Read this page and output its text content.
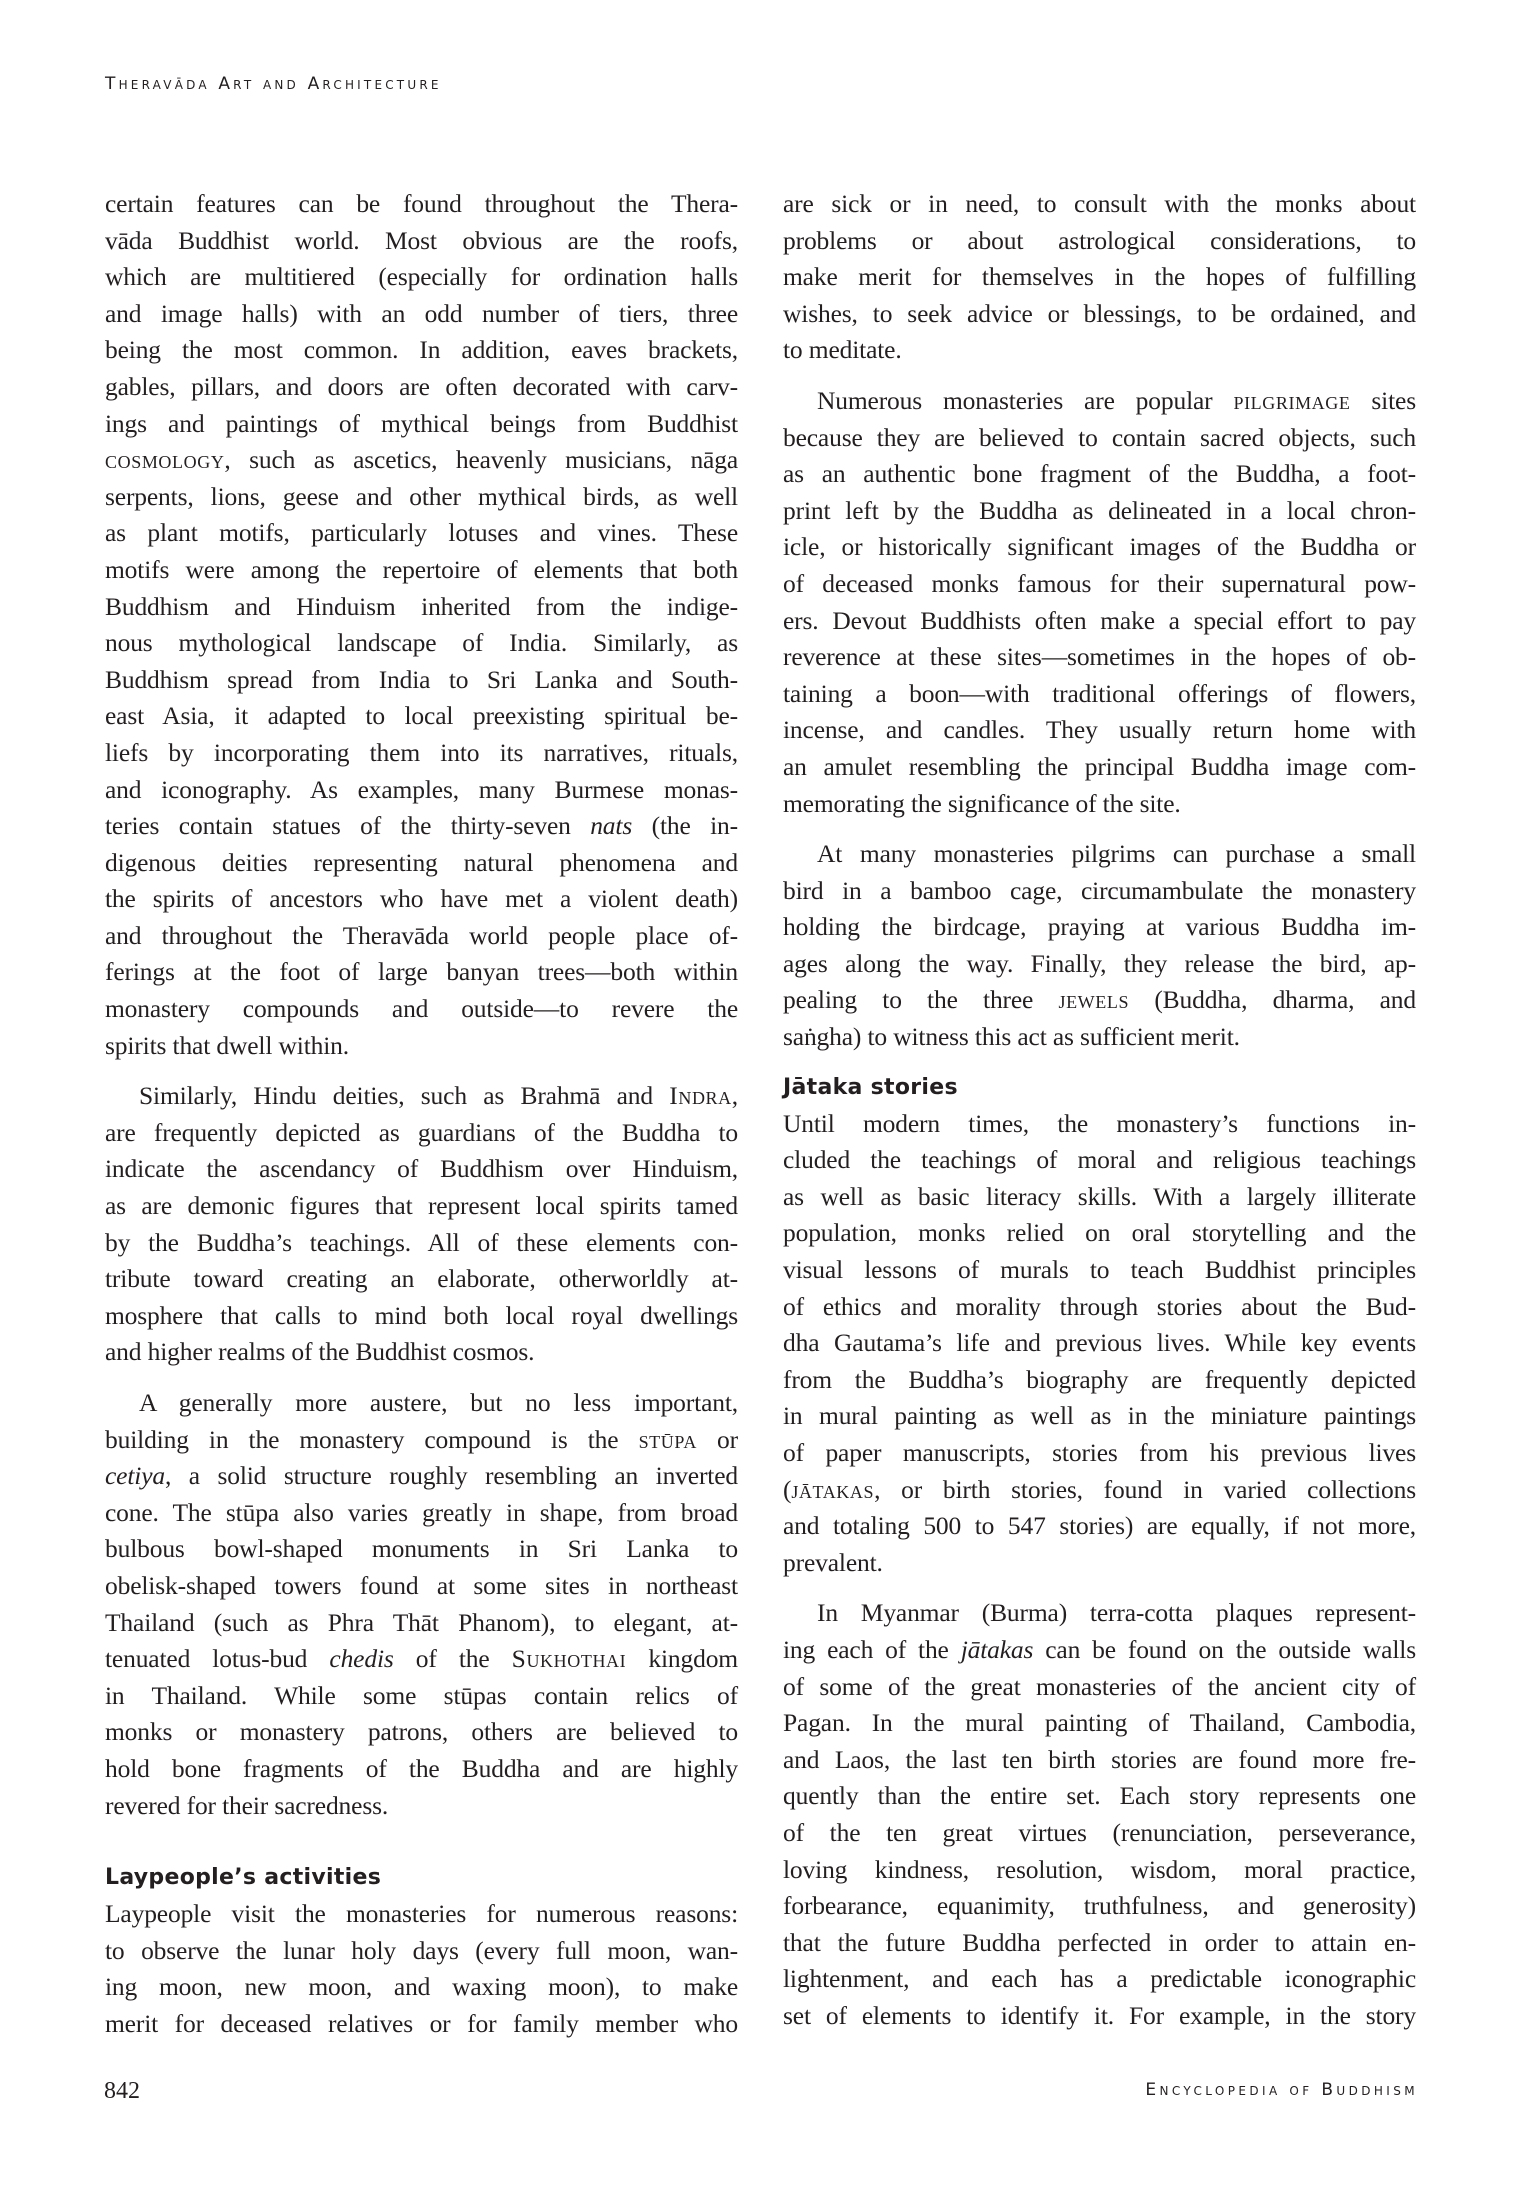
Theravāda Art and Architecture
certain features can be found throughout the Thera-
vāda Buddhist world. Most obvious are the roofs,
which are multitiered (especially for ordination halls
and image halls) with an odd number of tiers, three
being the most common. In addition, eaves brackets,
gables, pillars, and doors are often decorated with carv-
ings and paintings of mythical beings from Buddhist
cosmology, such as ascetics, heavenly musicians, nāga
serpents, lions, geese and other mythical birds, as well
as plant motifs, particularly lotuses and vines. These
motifs were among the repertoire of elements that both
Buddhism and Hinduism inherited from the indige-
nous mythological landscape of India. Similarly, as
Buddhism spread from India to Sri Lanka and South-
east Asia, it adapted to local preexisting spiritual be-
liefs by incorporating them into its narratives, rituals,
and iconography. As examples, many Burmese monas-
teries contain statues of the thirty-seven nats (the in-
digenous deities representing natural phenomena and
the spirits of ancestors who have met a violent death)
and throughout the Theravāda world people place of-
ferings at the foot of large banyan trees—both within
monastery compounds and outside—to revere the
spirits that dwell within.
Similarly, Hindu deities, such as Brahmā and Indra,
are frequently depicted as guardians of the Buddha to
indicate the ascendancy of Buddhism over Hinduism,
as are demonic figures that represent local spirits tamed
by the Buddha’s teachings. All of these elements con-
tribute toward creating an elaborate, otherworldly at-
mosphere that calls to mind both local royal dwellings
and higher realms of the Buddhist cosmos.
A generally more austere, but no less important,
building in the monastery compound is the stūpa or
cetiya, a solid structure roughly resembling an inverted
cone. The stūpa also varies greatly in shape, from broad
bulbous bowl-shaped monuments in Sri Lanka to
obelisk-shaped towers found at some sites in northeast
Thailand (such as Phra Thāt Phanom), to elegant, at-
tenuated lotus-bud chedis of the Sukhothai kingdom
in Thailand. While some stūpas contain relics of
monks or monastery patrons, others are believed to
hold bone fragments of the Buddha and are highly
revered for their sacredness.
Laypeople’s activities
Laypeople visit the monasteries for numerous reasons:
to observe the lunar holy days (every full moon, wan-
ing moon, new moon, and waxing moon), to make
merit for deceased relatives or for family member who
are sick or in need, to consult with the monks about
problems or about astrological considerations, to
make merit for themselves in the hopes of fulfilling
wishes, to seek advice or blessings, to be ordained, and
to meditate.
Numerous monasteries are popular pilgrimage sites
because they are believed to contain sacred objects, such
as an authentic bone fragment of the Buddha, a foot-
print left by the Buddha as delineated in a local chron-
icle, or historically significant images of the Buddha or
of deceased monks famous for their supernatural pow-
ers. Devout Buddhists often make a special effort to pay
reverence at these sites—sometimes in the hopes of ob-
taining a boon—with traditional offerings of flowers,
incense, and candles. They usually return home with
an amulet resembling the principal Buddha image com-
memorating the significance of the site.
At many monasteries pilgrims can purchase a small
bird in a bamboo cage, circumambulate the monastery
holding the birdcage, praying at various Buddha im-
ages along the way. Finally, they release the bird, ap-
pealing to the three jewels (Buddha, dharma, and
saṅgha) to witness this act as sufficient merit.
Jātaka stories
Until modern times, the monastery’s functions in-
cluded the teachings of moral and religious teachings
as well as basic literacy skills. With a largely illiterate
population, monks relied on oral storytelling and the
visual lessons of murals to teach Buddhist principles
of ethics and morality through stories about the Bud-
dha Gautama’s life and previous lives. While key events
from the Buddha’s biography are frequently depicted
in mural painting as well as in the miniature paintings
of paper manuscripts, stories from his previous lives
(jātakas, or birth stories, found in varied collections
and totaling 500 to 547 stories) are equally, if not more,
prevalent.
In Myanmar (Burma) terra-cotta plaques represent-
ing each of the jātakas can be found on the outside walls
of some of the great monasteries of the ancient city of
Pagan. In the mural painting of Thailand, Cambodia,
and Laos, the last ten birth stories are found more fre-
quently than the entire set. Each story represents one
of the ten great virtues (renunciation, perseverance,
loving kindness, resolution, wisdom, moral practice,
forbearance, equanimity, truthfulness, and generosity)
that the future Buddha perfected in order to attain en-
lightenment, and each has a predictable iconographic
set of elements to identify it. For example, in the story
842	Encyclopedia of Buddhism
